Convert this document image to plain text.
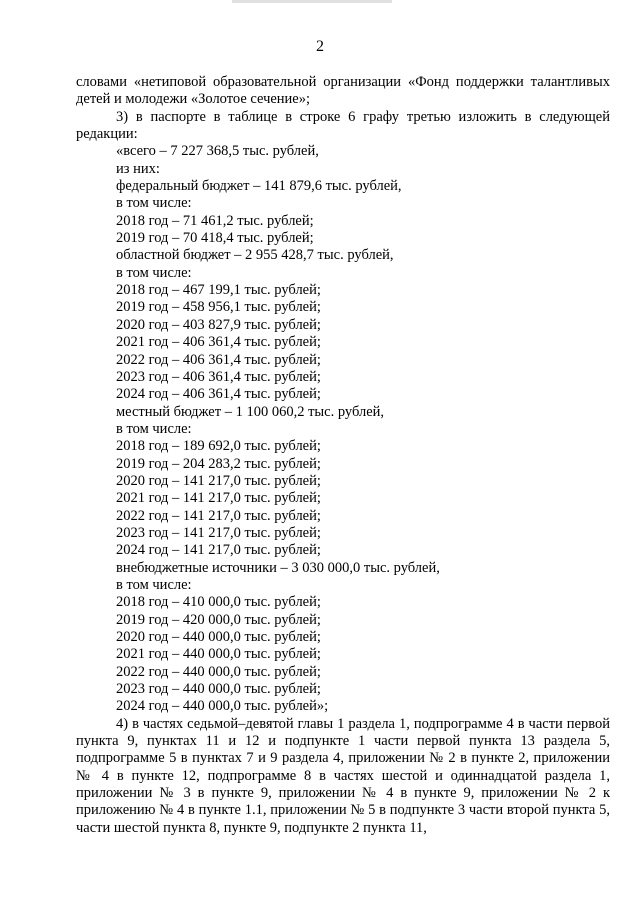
2

словами «нетиповой образовательной организации «Фонд поддержки талантливых детей и молодежи «Золотое сечение»;

3) в паспорте в таблице в строке 6 графу третью изложить в следующей редакции:

«всего – 7 227 368,5 тыс. рублей,
из них:
федеральный бюджет – 141 879,6 тыс. рублей,
в том числе:
2018 год – 71 461,2 тыс. рублей;
2019 год – 70 418,4 тыс. рублей;
областной бюджет – 2 955 428,7 тыс. рублей,
в том числе:
2018 год – 467 199,1 тыс. рублей;
2019 год – 458 956,1 тыс. рублей;
2020 год – 403 827,9 тыс. рублей;
2021 год – 406 361,4 тыс. рублей;
2022 год – 406 361,4 тыс. рублей;
2023 год – 406 361,4 тыс. рублей;
2024 год – 406 361,4 тыс. рублей;
местный бюджет – 1 100 060,2 тыс. рублей,
в том числе:
2018 год – 189 692,0 тыс. рублей;
2019 год – 204 283,2 тыс. рублей;
2020 год – 141 217,0 тыс. рублей;
2021 год – 141 217,0 тыс. рублей;
2022 год – 141 217,0 тыс. рублей;
2023 год – 141 217,0 тыс. рублей;
2024 год – 141 217,0 тыс. рублей;
внебюджетные источники – 3 030 000,0 тыс. рублей,
в том числе:
2018 год – 410 000,0 тыс. рублей;
2019 год – 420 000,0 тыс. рублей;
2020 год – 440 000,0 тыс. рублей;
2021 год – 440 000,0 тыс. рублей;
2022 год – 440 000,0 тыс. рублей;
2023 год – 440 000,0 тыс. рублей;
2024 год – 440 000,0 тыс. рублей»;

4) в частях седьмой–девятой главы 1 раздела 1, подпрограмме 4 в части первой пункта 9, пунктах 11 и 12 и подпункте 1 части первой пункта 13 раздела 5, подпрограмме 5 в пунктах 7 и 9 раздела 4, приложении № 2 в пункте 2, приложении № 4 в пункте 12, подпрограмме 8 в частях шестой и одиннадцатой раздела 1, приложении № 3 в пункте 9, приложении № 4 в пункте 9, приложении № 2 к приложению № 4 в пункте 1.1, приложении № 5 в подпункте 3 части второй пункта 5, части шестой пункта 8, пункте 9, подпункте 2 пункта 11,
